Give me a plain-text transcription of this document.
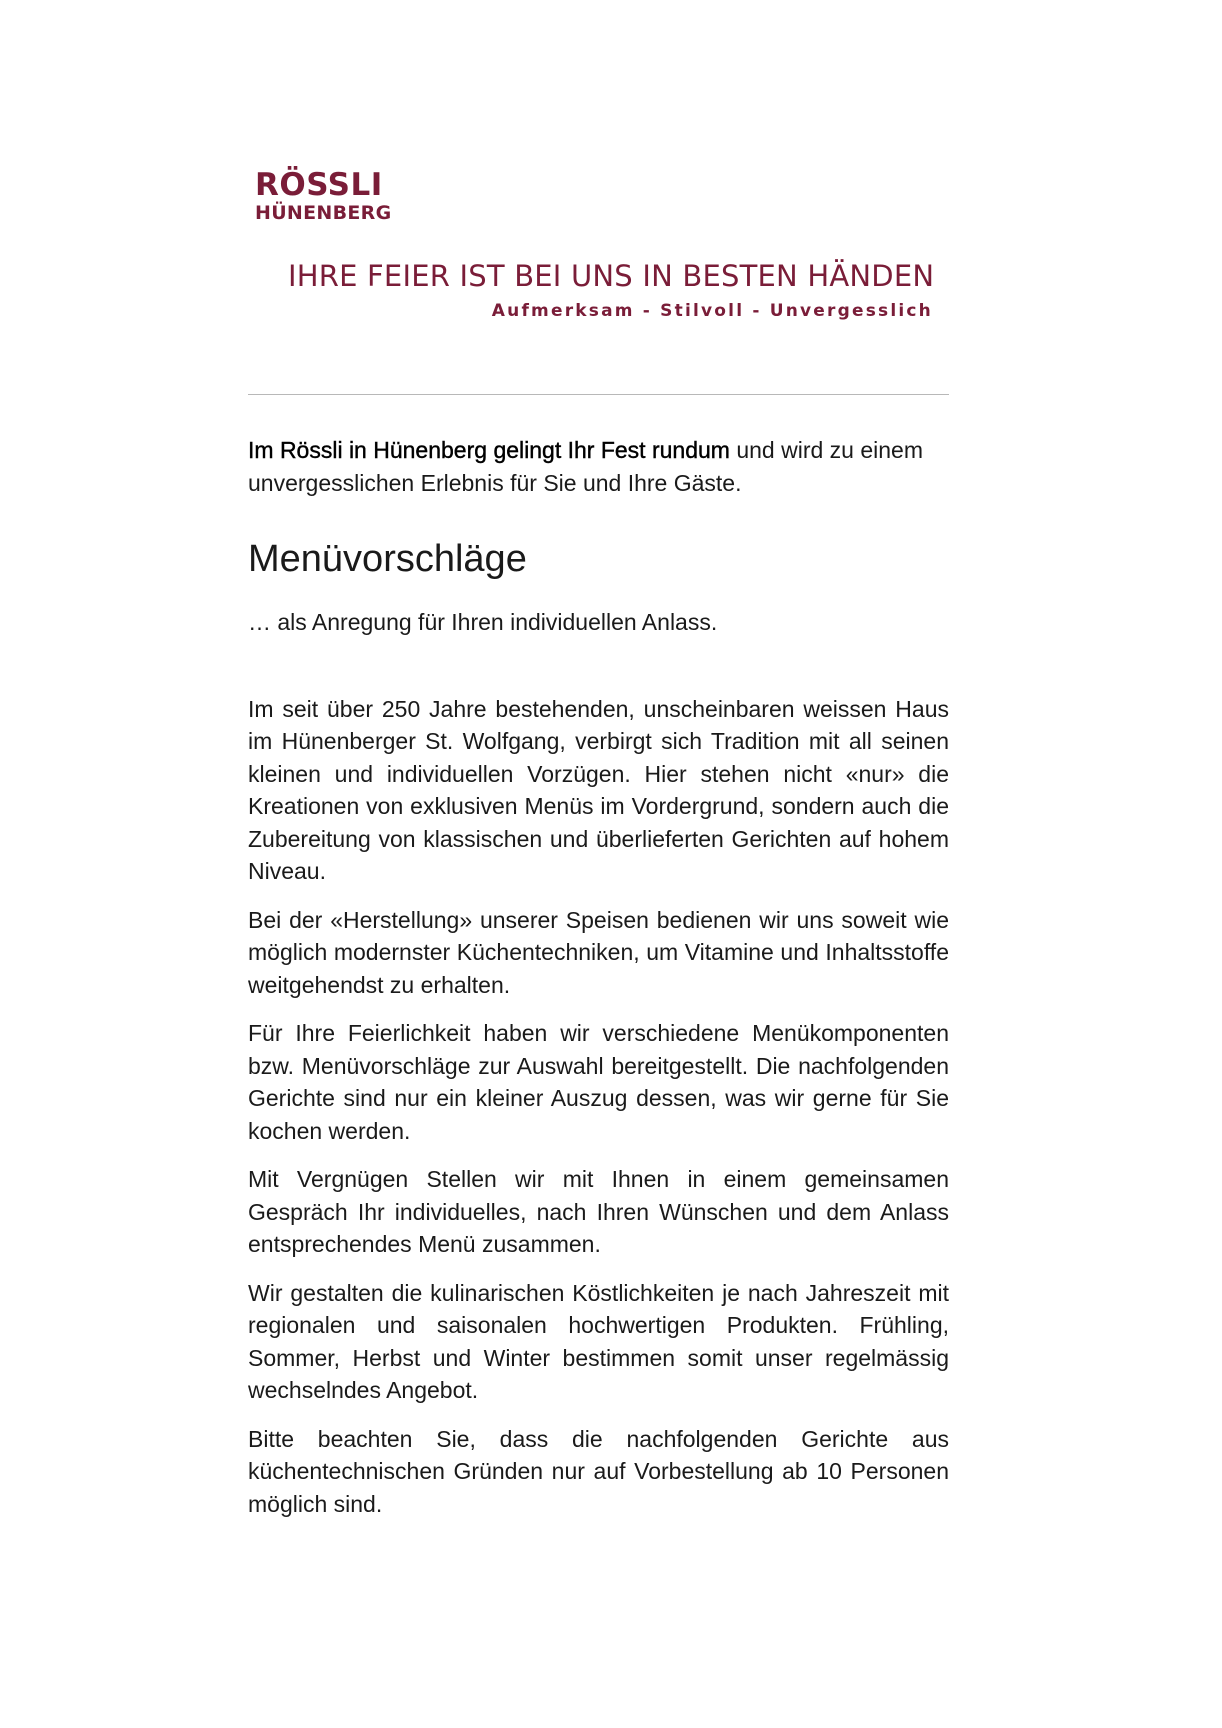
RÖSSLI
HÜNENBERG
IHRE FEIER IST BEI UNS IN BESTEN HÄNDEN
Aufmerksam - Stilvoll - Unvergesslich

Im Rössli in Hünenberg gelingt Ihr Fest rundum und wird zu einem unvergesslichen Erlebnis für Sie und Ihre Gäste.

Menüvorschläge

… als Anregung für Ihren individuellen Anlass.

Im seit über 250 Jahre bestehenden, unscheinbaren weissen Haus im Hünenberger St. Wolfgang, verbirgt sich Tradition mit all seinen kleinen und individuellen Vorzügen. Hier stehen nicht «nur» die Kreationen von exklusiven Menüs im Vordergrund, sondern auch die Zubereitung von klassischen und überlieferten Gerichten auf hohem Niveau.

Bei der «Herstellung» unserer Speisen bedienen wir uns soweit wie möglich modernster Küchentechniken, um Vitamine und Inhaltsstoffe weitgehendst zu erhalten.

Für Ihre Feierlichkeit haben wir verschiedene Menükomponenten bzw. Menüvorschläge zur Auswahl bereitgestellt. Die nachfolgenden Gerichte sind nur ein kleiner Auszug dessen, was wir gerne für Sie kochen werden.

Mit Vergnügen Stellen wir mit Ihnen in einem gemeinsamen Gespräch Ihr individuelles, nach Ihren Wünschen und dem Anlass entsprechendes Menü zusammen.

Wir gestalten die kulinarischen Köstlichkeiten je nach Jahreszeit mit regionalen und saisonalen hochwertigen Produkten. Frühling, Sommer, Herbst und Winter bestimmen somit unser regelmässig wechselndes Angebot.

Bitte beachten Sie, dass die nachfolgenden Gerichte aus küchentechnischen Gründen nur auf Vorbestellung ab 10 Personen möglich sind.
